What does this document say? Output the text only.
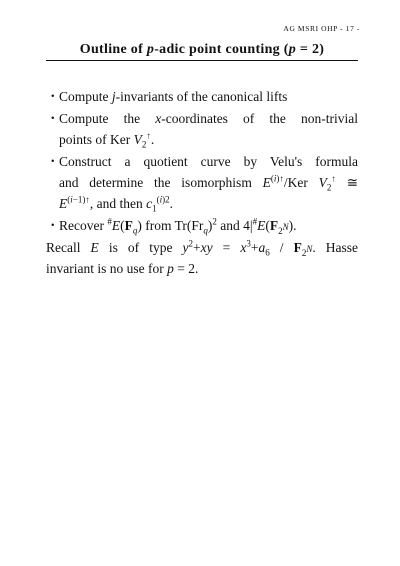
AG MSRI OHP - 17 -
Outline of p-adic point counting (p = 2)
・ Compute j-invariants of the canonical lifts
・ Compute the x-coordinates of the non-trivial
points of Ker $V_2^↑$.
・ Construct a quotient curve by Velu's formula
and determine the isomorphism $E^{(i)↑}$/Ker $V_2^↑$ ≅
$E^{(i-1)↑}$, and then $c_1^{(i)2}$.
・ Recover $^{\#}E(F_q)$ from $Tr(Fr_q)^2$ and $4|^{\#}E(F_{2^N})$.
Recall E is of type $y^2+xy = x^3+a_6 / F_{2^N}$. Hasse
invariant is no use for p = 2.
